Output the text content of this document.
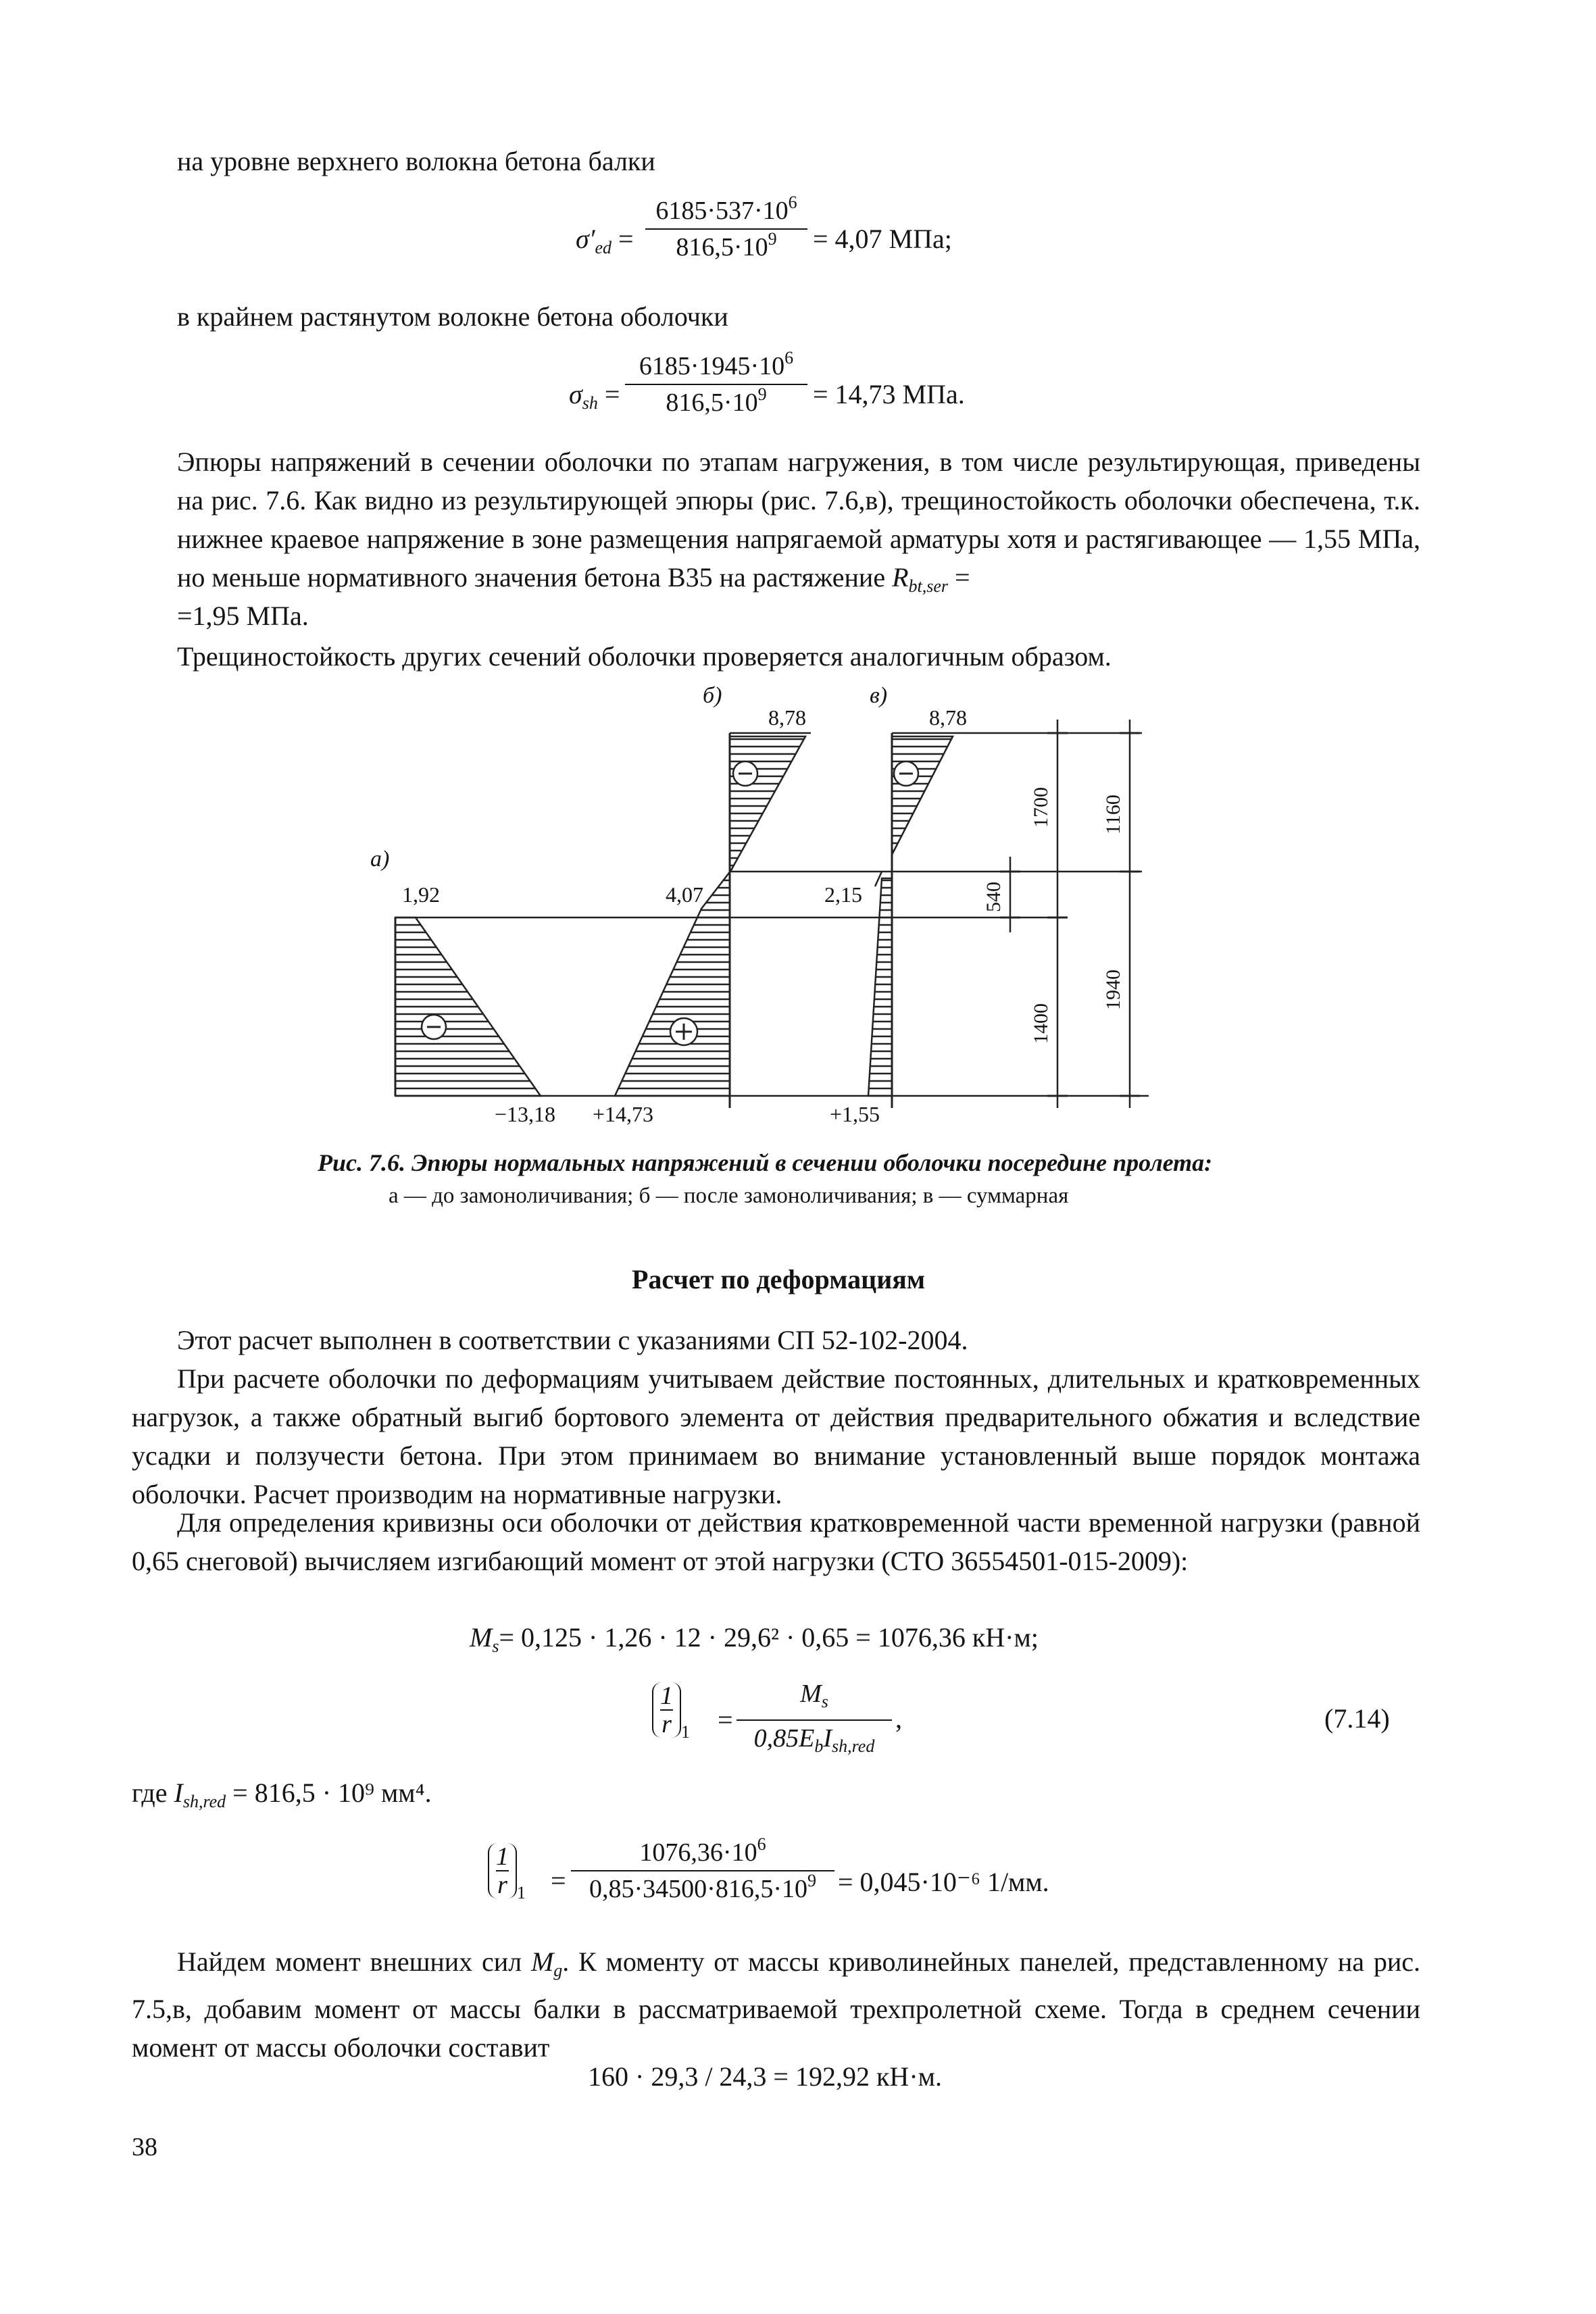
на уровне верхнего волокна бетона балки
$\sigma'_{ed} = \frac{6185\cdot 537\cdot 10^6}{816,5\cdot 10^9} = 4,07$ МПа;
в крайнем растянутом волокне бетона оболочки
$\sigma_{sh} = \frac{6185\cdot 1945\cdot 10^6}{816,5\cdot 10^9} = 14,73$ МПа.
Эпюры напряжений в сечении оболочки по этапам нагружения, в том числе результирующая, приведены на рис. 7.6. Как видно из результирующей эпюры (рис. 7.6,в), трещиностойкость оболочки обеспечена, т.к. нижнее краевое напряжение в зоне размещения напрягаемой арматуры хотя и растягивающее — 1,55 МПа, но меньше нормативного значения бетона В35 на растяжение $R_{bt,ser}$ =
=1,95 МПа.
Трещиностойкость других сечений оболочки проверяется аналогичным образом.
а)
1,92
−13,18
б)
8,78
4,07
+14,73
в)
8,78
2,15
+1,55
1700
540
1400
1160
1940
Рис. 7.6. Эпюры нормальных напряжений в сечении оболочки посередине пролета:
а — до замоноличивания; б — после замоноличивания; в — суммарная
Расчет по деформациям
Этот расчет выполнен в соответствии с указаниями СП 52-102-2004.
При расчете оболочки по деформациям учитываем действие постоянных, длительных и кратковременных нагрузок, а также обратный выгиб бортового элемента от действия предварительного обжатия и вследствие усадки и ползучести бетона. При этом принимаем во внимание установленный выше порядок монтажа оболочки. Расчет производим на нормативные нагрузки.
Для определения кривизны оси оболочки от действия кратковременной части временной нагрузки (равной 0,65 снеговой) вычисляем изгибающий момент от этой нагрузки (СТО 36554501-015-2009):
$M_s= 0,125 \cdot 1,26 \cdot 12 \cdot 29,6^2 \cdot 0,65 = 1076,36$ кН·м;
$\frac{1}{r} _1$ =
$M_s$
$0,85E_bI_{sh,red}$
,	(7.14)
где $I_{sh,red} = 816,5 \cdot 10^9$ мм⁴.
$\frac{1}{r} _1 = \frac{1076,36\cdot 10^6}{0,85\cdot 34500\cdot 816,5\cdot 10^9} = 0,045\cdot 10^{-6}$ 1/мм.
Найдем момент внешних сил $M_g$. К моменту от массы криволинейных панелей, представленному на рис. 7.5,в, добавим момент от массы балки в рассматриваемой трехпролетной схеме. Тогда в среднем сечении момент от массы оболочки составит
160 · 29,3 / 24,3 = 192,92 кН·м.
38
